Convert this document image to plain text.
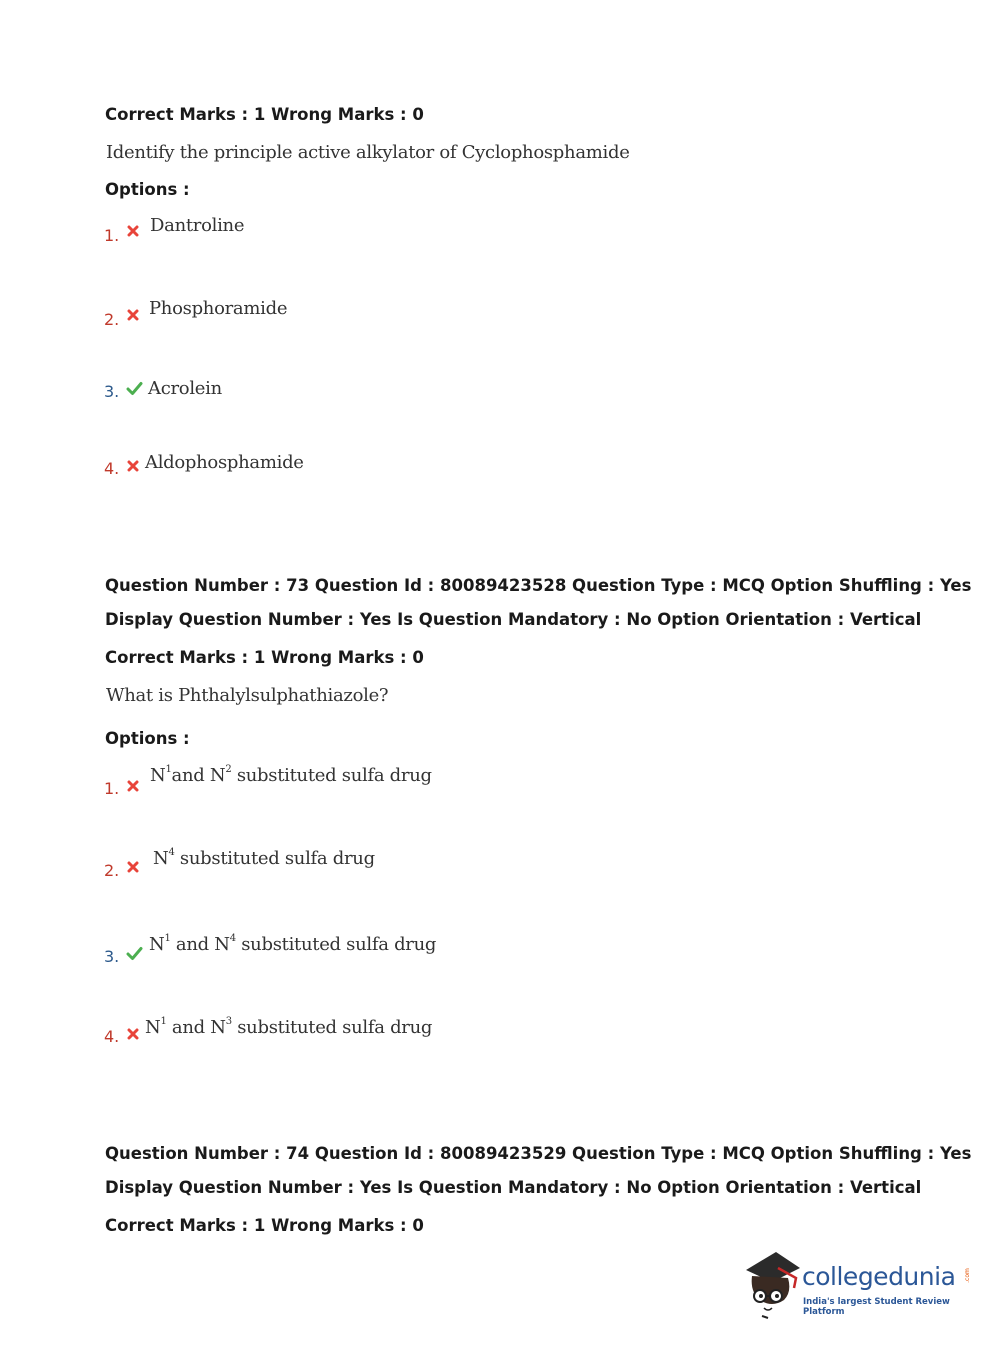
Correct Marks : 1 Wrong Marks : 0
Identify the principle active alkylator of Cyclophosphamide
Options :
1. Dantroline
2.
Phosphoramide
3. Acrolein
4. Aldophosphamide
Question Number : 73 Question Id : 80089423528 Question Type : MCQ Option Shuffling : Yes
Display Question Number : Yes Is Question Mandatory : No Option Orientation : Vertical
Correct Marks : 1 Wrong Marks : 0
What is Phthalylsulphathiazole?
Options :
1.
$N^1and$ $N^2$ substituted sulfa drug
2.
$N^4$ substituted sulfa drug
3.
$N^1$ and $N^4$ substituted sulfa drug
4. $N^1$ and $N^3$ substituted sulfa drug
Question Number : 74 Question Id : 80089423529 Question Type : MCQ Option Shuffling : Yes
Display Question Number : Yes Is Question Mandatory : No Option Orientation : Vertical
Correct Marks : 1 Wrong Marks : 0
collegedunia .com
India's largest Student Review Platform
